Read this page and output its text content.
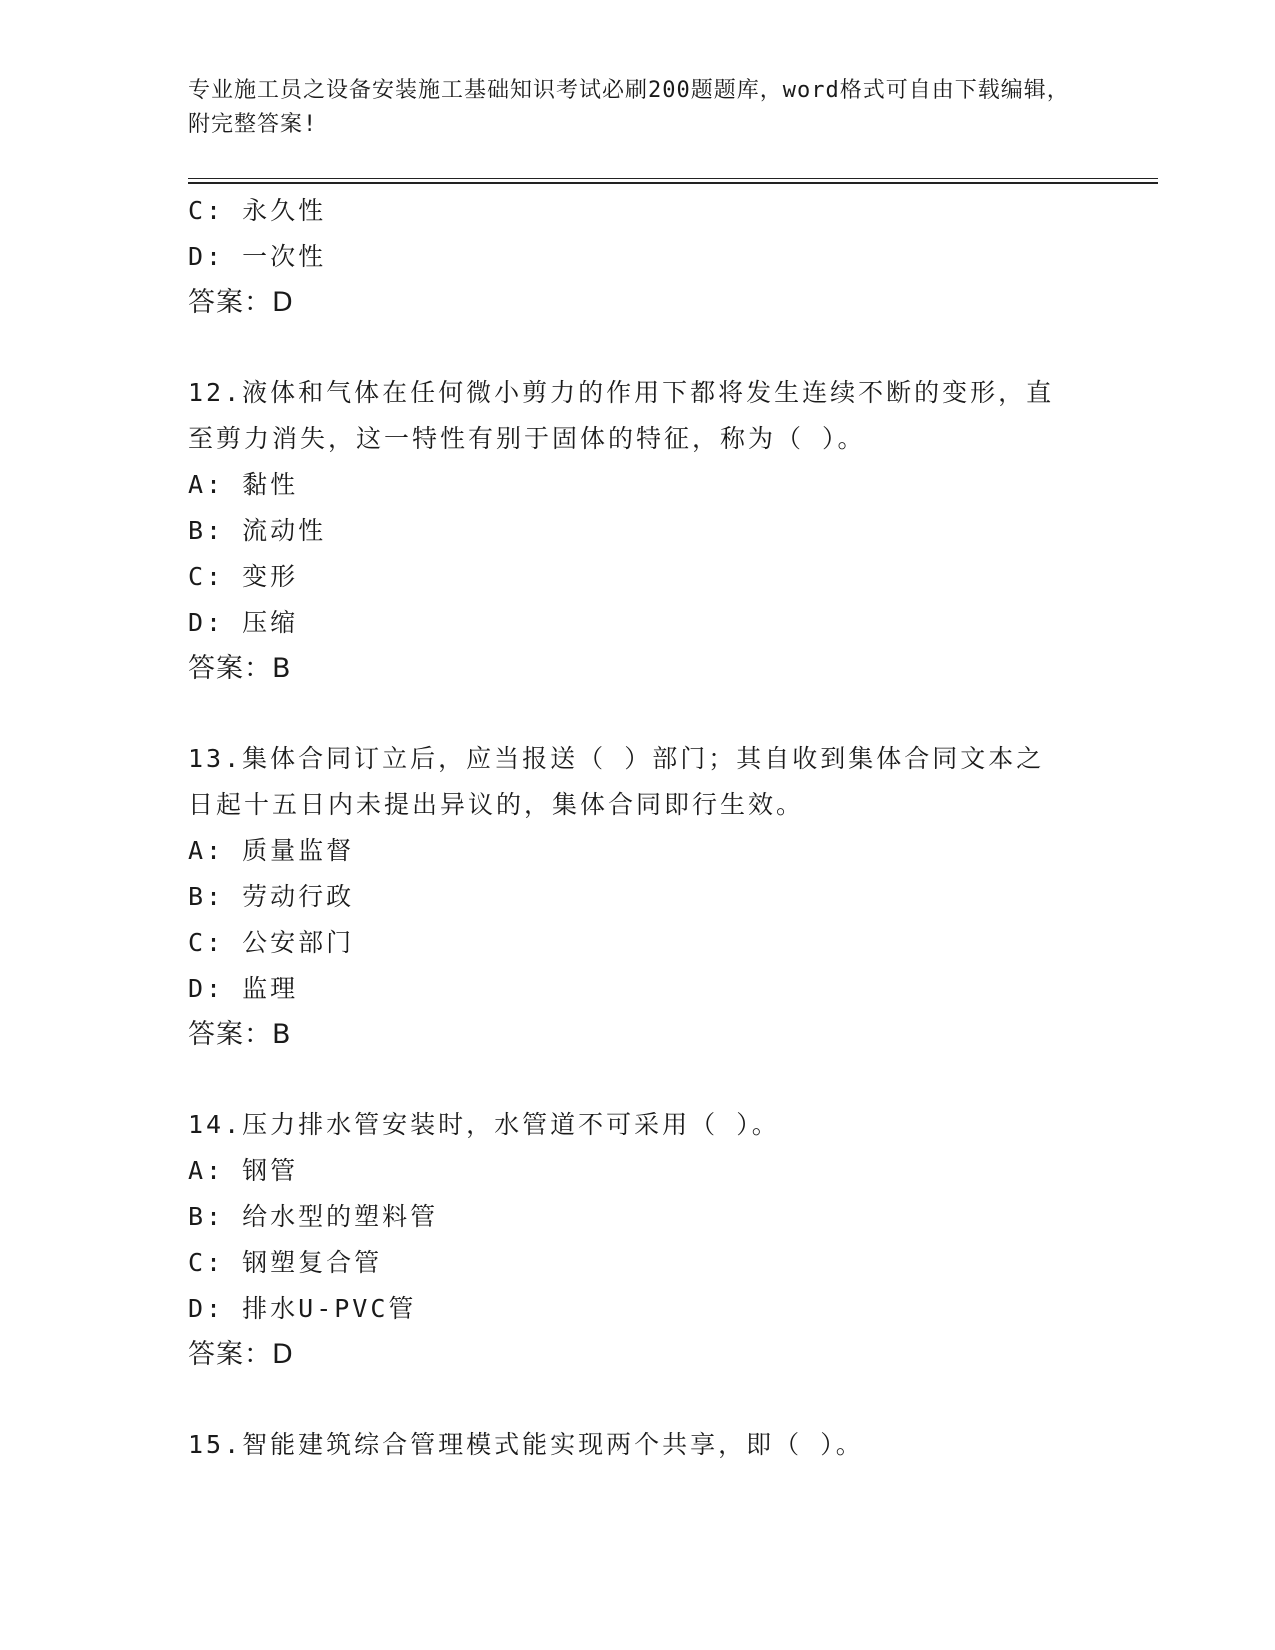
专业施工员之设备安装施工基础知识考试必刷200题题库，word格式可自由下载编辑，附完整答案!
C: 永久性
D: 一次性
答案：D
12.液体和气体在任何微小剪力的作用下都将发生连续不断的变形，直
至剪力消失，这一特性有别于固体的特征，称为（ ）。
A: 黏性
B: 流动性
C: 变形
D: 压缩
答案：B
13.集体合同订立后，应当报送（ ）部门；其自收到集体合同文本之
日起十五日内未提出异议的，集体合同即行生效。
A: 质量监督
B: 劳动行政
C: 公安部门
D: 监理
答案：B
14.压力排水管安装时，水管道不可采用（ ）。
A: 钢管
B: 给水型的塑料管
C: 钢塑复合管
D: 排水U-PVC管
答案：D
15.智能建筑综合管理模式能实现两个共享，即（ ）。
